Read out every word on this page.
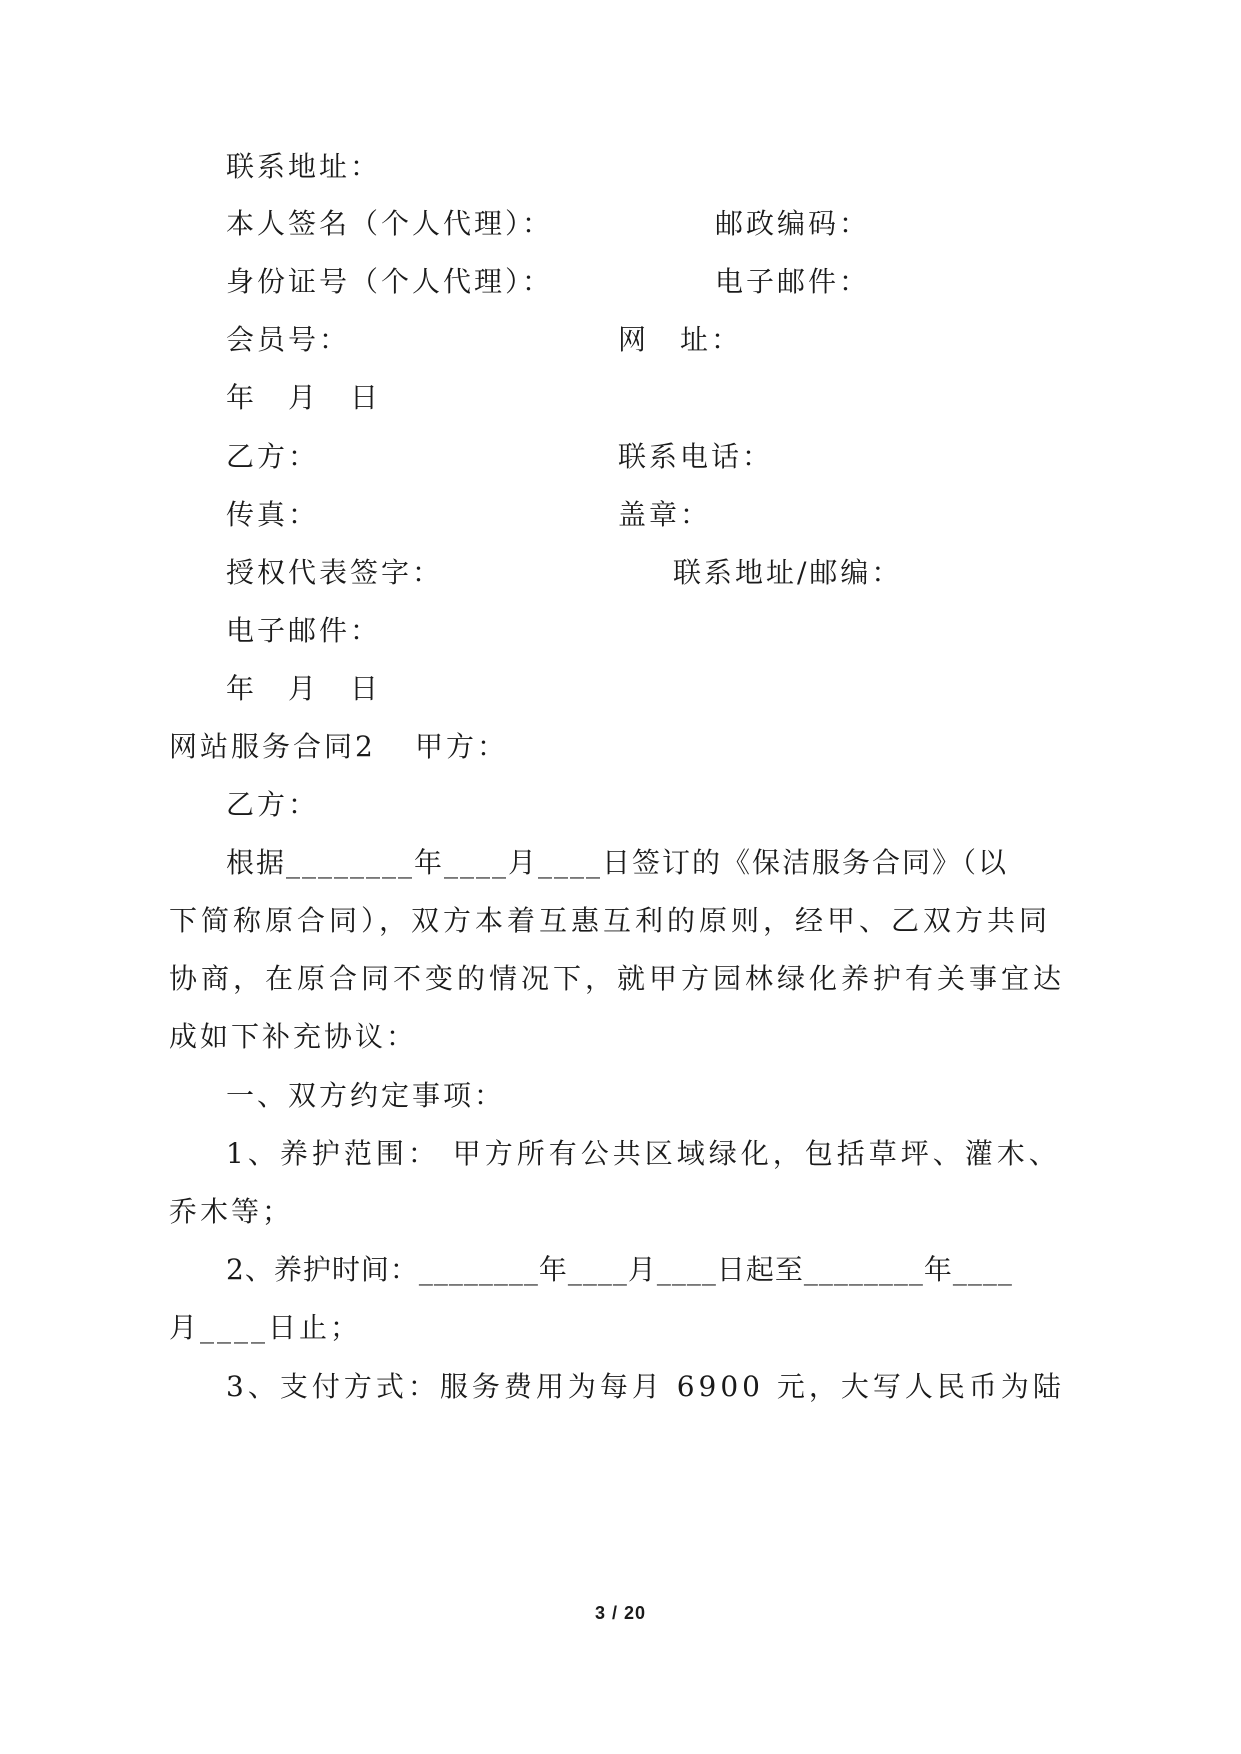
联系地址：
本人签名（个人代理）：	邮政编码：
身份证号（个人代理）：	电子邮件：
会员号：	网　址：
年　月　日
乙方：	联系电话：
传真：	盖章：
授权代表签字：	联系地址/邮编：
电子邮件：
年　月　日
网站服务合同2 甲方：
乙方：
根据________年____月____日签订的《保洁服务合同》（以
下简称原合同），双方本着互惠互利的原则，经甲、乙双方共同
协商，在原合同不变的情况下，就甲方园林绿化养护有关事宜达
成如下补充协议：
一、双方约定事项：
1、养护范围： 甲方所有公共区域绿化，包括草坪、灌木、
乔木等；
2、养护时间：________年____月____日起至________年____
月____日止；
3、支付方式：服务费用为每月 6900 元，大写人民币为陆
3 / 20
